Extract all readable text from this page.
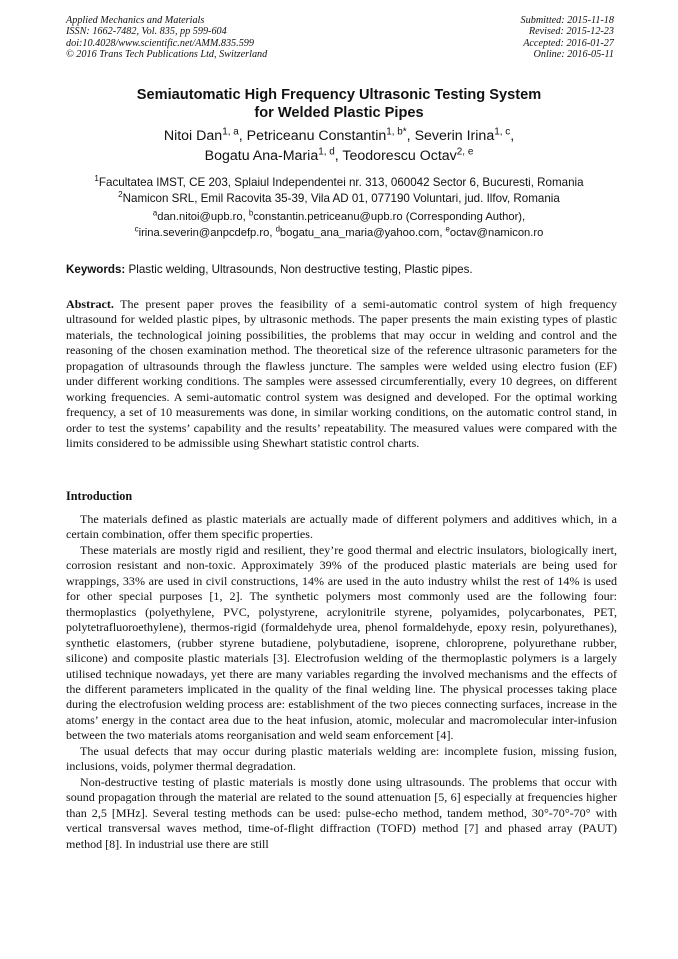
Applied Mechanics and Materials
ISSN: 1662-7482, Vol. 835, pp 599-604
doi:10.4028/www.scientific.net/AMM.835.599
© 2016 Trans Tech Publications Ltd, Switzerland
Submitted: 2015-11-18
Revised: 2015-12-23
Accepted: 2016-01-27
Online: 2016-05-11
Semiautomatic High Frequency Ultrasonic Testing System
for Welded Plastic Pipes
Nitoi Dan$^{1, a}$, Petriceanu Constantin$^{1, b*}$, Severin Irina$^{1, c}$,
Bogatu Ana-Maria$^{1, d}$, Teodorescu Octav$^{2, e}$
$^1$Facultatea IMST, CE 203, Splaiul Independentei nr. 313, 060042 Sector 6, Bucuresti, Romania
$^2$Namicon SRL, Emil Racovita 35-39, Vila AD 01, 077190 Voluntari, jud. Ilfov, Romania
$^a$dan.nitoi@upb.ro, $^b$constantin.petriceanu@upb.ro (Corresponding Author),
$^c$irina.severin@anpcdefp.ro, $^d$bogatu_ana_maria@yahoo.com, $^e$octav@namicon.ro
Keywords: Plastic welding, Ultrasounds, Non destructive testing, Plastic pipes.
Abstract. The present paper proves the feasibility of a semi-automatic control system of high frequency ultrasound for welded plastic pipes, by ultrasonic methods. The paper presents the main existing types of plastic materials, the technological joining possibilities, the problems that may occur in welding and control and the reasoning of the chosen examination method. The theoretical size of the reference ultrasonic parameters for the propagation of ultrasounds through the flawless juncture. The samples were welded using electro fusion (EF) under different working conditions. The samples were assessed circumferentially, every 10 degrees, on different working frequencies. A semi-automatic control system was designed and developed. For the optimal working frequency, a set of 10 measurements was done, in similar working conditions, on the automatic control stand, in order to test the systems’ capability and the results’ repeatability. The measured values were compared with the limits considered to be admissible using Shewhart statistic control charts.
Introduction

The materials defined as plastic materials are actually made of different polymers and additives which, in a certain combination, offer them specific properties.

These materials are mostly rigid and resilient, they’re good thermal and electric insulators, biologically inert, corrosion resistant and non-toxic. Approximately 39% of the produced plastic materials are being used for wrappings, 33% are used in civil constructions, 14% are used in the auto industry whilst the rest of 14% is used for other special purposes [1, 2]. The synthetic polymers most commonly used are the following four: thermoplastics (polyethylene, PVC, polystyrene, acrylonitrile styrene, polyamides, polycarbonates, PET, polytetrafluoroethylene), thermos-rigid (formaldehyde urea, phenol formaldehyde, epoxy resin, polyurethanes), synthetic elastomers, (rubber styrene butadiene, polybutadiene, isoprene, chloroprene, polyurethane rubber, silicone) and composite plastic materials [3]. Electrofusion welding of the thermoplastic polymers is a largely utilised technique nowadays, yet there are many variables regarding the involved mechanisms and the effects of the different parameters implicated in the quality of the final welding line. The physical processes taking place during the electrofusion welding process are: establishment of the two pieces connecting surfaces, increase in the atoms’ energy in the contact area due to the heat infusion, atomic, molecular and macromolecular inter-infusion between the two materials atoms reorganisation and weld seam enforcement [4].

The usual defects that may occur during plastic materials welding are: incomplete fusion, missing fusion, inclusions, voids, polymer thermal degradation.

Non-destructive testing of plastic materials is mostly done using ultrasounds. The problems that occur with sound propagation through the material are related to the sound attenuation [5, 6] especially at frequencies higher than 2,5 [MHz]. Several testing methods can be used: pulse-echo method, tandem method, 30°-70°-70° with vertical transversal waves method, time-of-flight diffraction (TOFD) method [7] and phased array (PAUT) method [8]. In industrial use there are still
